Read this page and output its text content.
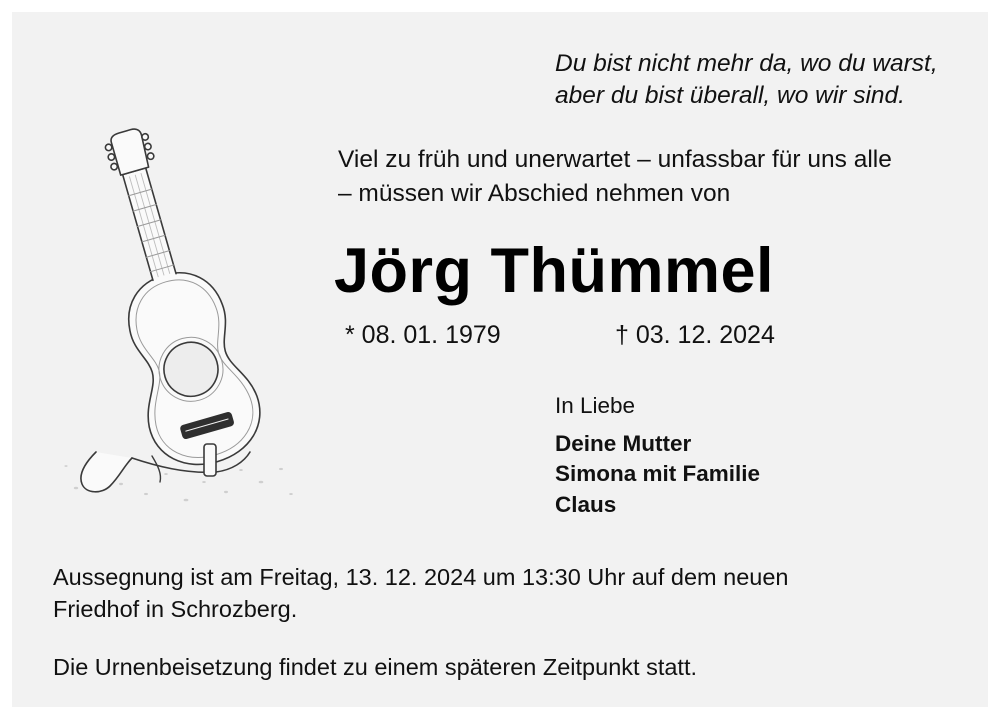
Du bist nicht mehr da, wo du warst,
aber du bist überall, wo wir sind.
Viel zu früh und unerwartet – unfassbar für uns alle
– müssen wir Abschied nehmen von
Jörg Thümmel
* 08. 01. 1979	† 03. 12. 2024
In Liebe
Deine Mutter
Simona mit Familie
Claus
Aussegnung ist am Freitag, 13. 12. 2024 um 13:30 Uhr auf dem neuen
Friedhof in Schrozberg.
Die Urnenbeisetzung findet zu einem späteren Zeitpunkt statt.
